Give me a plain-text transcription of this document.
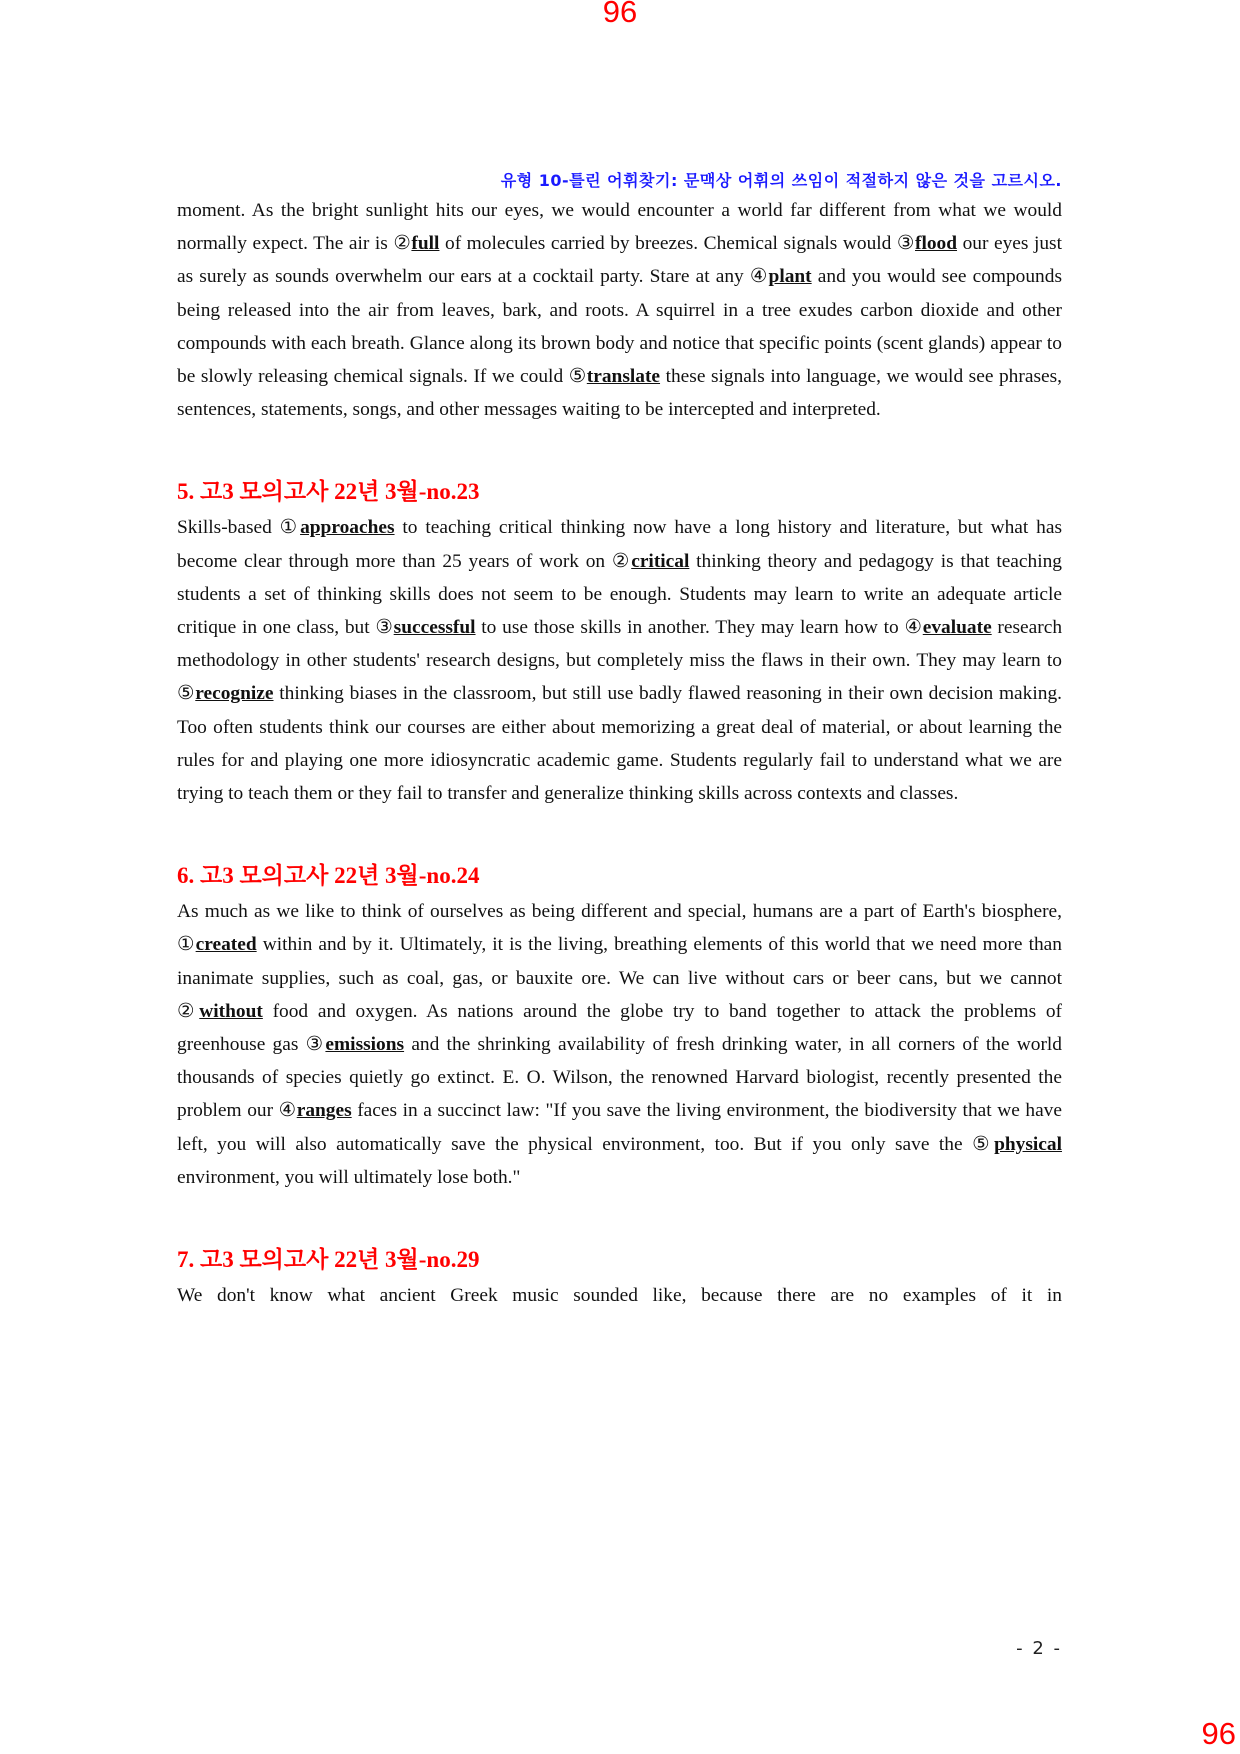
96
유형 10-틀린 어휘찾기: 문맥상 어휘의 쓰임이 적절하지 않은 것을 고르시오.

moment. As the bright sunlight hits our eyes, we would encounter a world far different from what we would normally expect. The air is ②full of molecules carried by breezes. Chemical signals would ③flood our eyes just as surely as sounds overwhelm our ears at a cocktail party. Stare at any ④plant and you would see compounds being released into the air from leaves, bark, and roots. A squirrel in a tree exudes carbon dioxide and other compounds with each breath. Glance along its brown body and notice that specific points (scent glands) appear to be slowly releasing chemical signals. If we could ⑤translate these signals into language, we would see phrases, sentences, statements, songs, and other messages waiting to be intercepted and interpreted.

5. 고3 모의고사 22년 3월-no.23

Skills-based ①approaches to teaching critical thinking now have a long history and literature, but what has become clear through more than 25 years of work on ②critical thinking theory and pedagogy is that teaching students a set of thinking skills does not seem to be enough. Students may learn to write an adequate article critique in one class, but ③successful to use those skills in another. They may learn how to ④evaluate research methodology in other students' research designs, but completely miss the flaws in their own. They may learn to ⑤recognize thinking biases in the classroom, but still use badly flawed reasoning in their own decision making. Too often students think our courses are either about memorizing a great deal of material, or about learning the rules for and playing one more idiosyncratic academic game. Students regularly fail to understand what we are trying to teach them or they fail to transfer and generalize thinking skills across contexts and classes.

6. 고3 모의고사 22년 3월-no.24

As much as we like to think of ourselves as being different and special, humans are a part of Earth's biosphere, ①created within and by it. Ultimately, it is the living, breathing elements of this world that we need more than inanimate supplies, such as coal, gas, or bauxite ore. We can live without cars or beer cans, but we cannot ②without food and oxygen. As nations around the globe try to band together to attack the problems of greenhouse gas ③emissions and the shrinking availability of fresh drinking water, in all corners of the world thousands of species quietly go extinct. E. O. Wilson, the renowned Harvard biologist, recently presented the problem our ④ranges faces in a succinct law: "If you save the living environment, the biodiversity that we have left, you will also automatically save the physical environment, too. But if you only save the ⑤physical environment, you will ultimately lose both."

7. 고3 모의고사 22년 3월-no.29

We don't know what ancient Greek music sounded like, because there are no examples of it in

- 2 -
96
